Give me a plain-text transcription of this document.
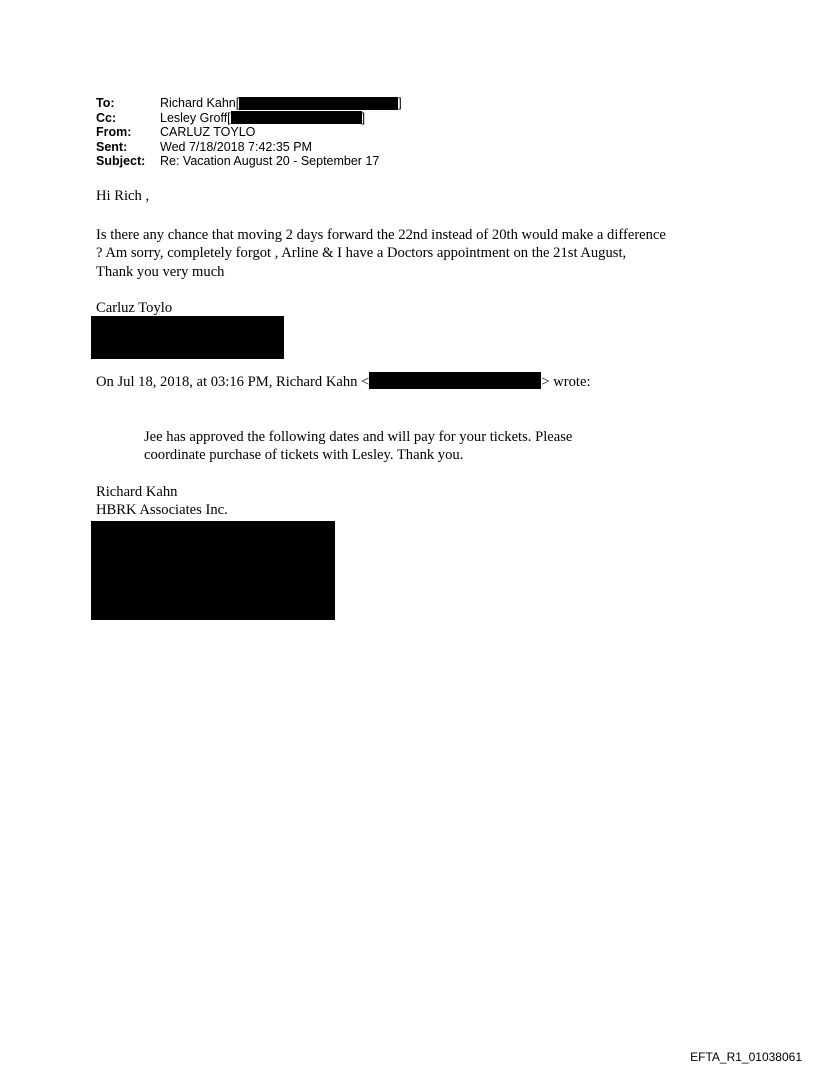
To:	Richard Kahn[	]
Cc:	Lesley Groff[	]
From:	CARLUZ TOYLO
Sent:	Wed 7/18/2018 7:42:35 PM
Subject:	Re: Vacation August 20 - September 17
Hi Rich ,
Is there any chance that moving 2 days forward the 22nd instead of 20th would make a difference
? Am sorry, completely forgot , Arline & I have a Doctors appointment on the 21st August,
Thank you very much
Carluz Toylo
On Jul 18, 2018, at 03:16 PM, Richard Kahn <	> wrote:
Jee has approved the following dates and will pay for your tickets. Please
coordinate purchase of tickets with Lesley. Thank you.
Richard Kahn
HBRK Associates Inc.
EFTA_R1_01038061
